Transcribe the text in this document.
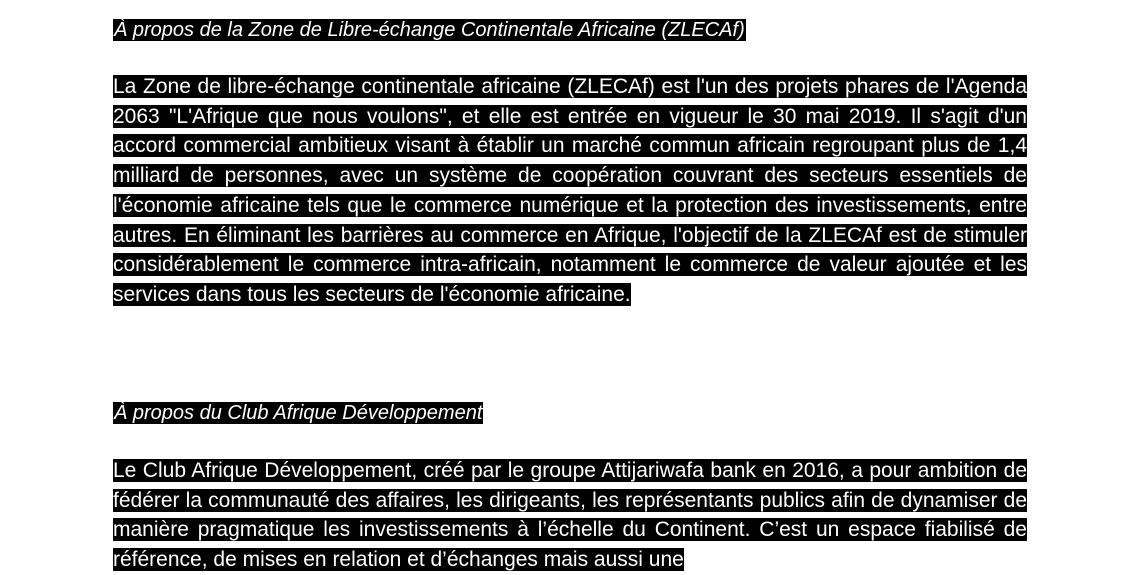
À propos de la Zone de Libre-échange Continentale Africaine (ZLECAf)

La Zone de libre-échange continentale africaine (ZLECAf) est l'un des projets phares de l'Agenda 2063 "L'Afrique que nous voulons", et elle est entrée en vigueur le 30 mai 2019. Il s'agit d'un accord commercial ambitieux visant à établir un marché commun africain regroupant plus de 1,4 milliard de personnes, avec un système de coopération couvrant des secteurs essentiels de l'économie africaine tels que le commerce numérique et la protection des investissements, entre autres. En éliminant les barrières au commerce en Afrique, l'objectif de la ZLECAf est de stimuler considérablement le commerce intra-africain, notamment le commerce de valeur ajoutée et les services dans tous les secteurs de l'économie africaine.

À propos du Club Afrique Développement

Le Club Afrique Développement, créé par le groupe Attijariwafa bank en 2016, a pour ambition de fédérer la communauté des affaires, les dirigeants, les représentants publics afin de dynamiser de manière pragmatique les investissements à l’échelle du Continent. C’est un espace fiabilisé de référence, de mises en relation et d’échanges mais aussi une
